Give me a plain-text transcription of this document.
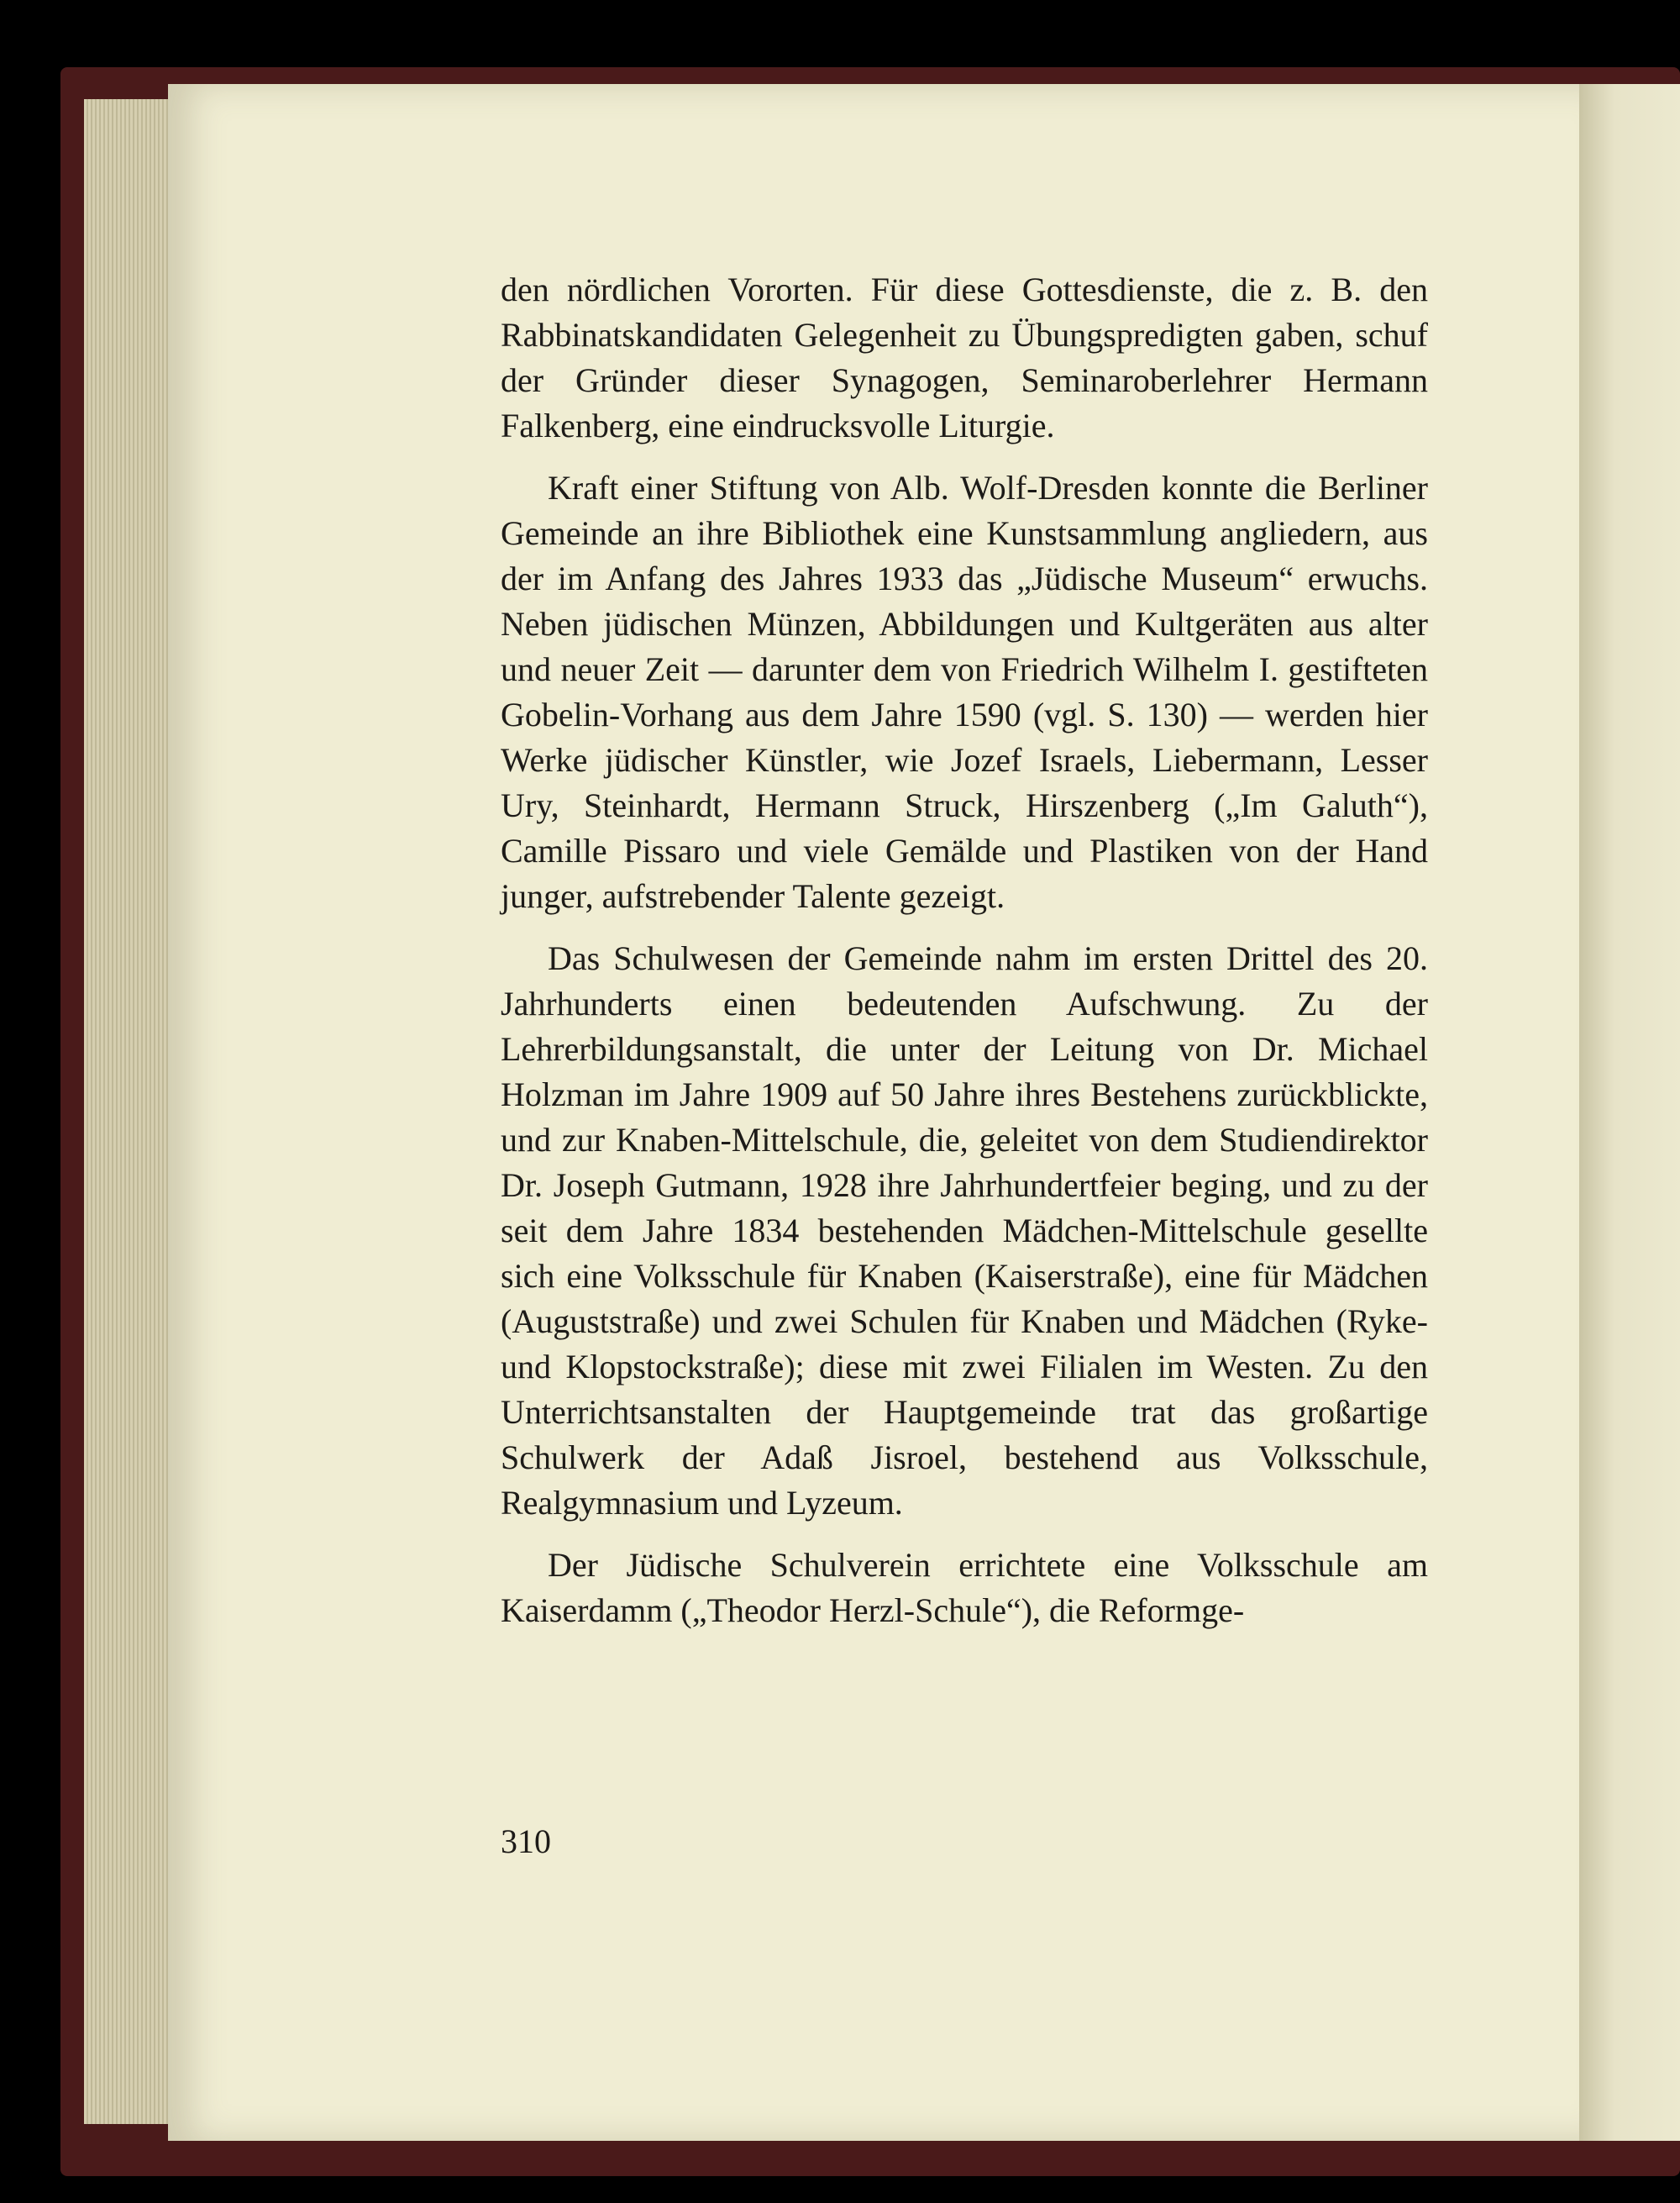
den nördlichen Vororten. Für diese Gottesdienste, die z. B. den Rabbinatskandidaten Gelegenheit zu Übungspredigten gaben, schuf der Gründer dieser Synagogen, Seminaroberlehrer Hermann Falkenberg, eine eindrucksvolle Liturgie.

Kraft einer Stiftung von Alb. Wolf-Dresden konnte die Berliner Gemeinde an ihre Bibliothek eine Kunstsammlung angliedern, aus der im Anfang des Jahres 1933 das „Jüdische Museum“ erwuchs. Neben jüdischen Münzen, Abbildungen und Kultgeräten aus alter und neuer Zeit — darunter dem von Friedrich Wilhelm I. gestifteten Gobelin-Vorhang aus dem Jahre 1590 (vgl. S. 130) — werden hier Werke jüdischer Künstler, wie Jozef Israels, Liebermann, Lesser Ury, Steinhardt, Hermann Struck, Hirszenberg („Im Galuth“), Camille Pissaro und viele Gemälde und Plastiken von der Hand junger, aufstrebender Talente gezeigt.

Das Schulwesen der Gemeinde nahm im ersten Drittel des 20. Jahrhunderts einen bedeutenden Aufschwung. Zu der Lehrerbildungsanstalt, die unter der Leitung von Dr. Michael Holzman im Jahre 1909 auf 50 Jahre ihres Bestehens zurückblickte, und zur Knaben-Mittelschule, die, geleitet von dem Studiendirektor Dr. Joseph Gutmann, 1928 ihre Jahrhundertfeier beging, und zu der seit dem Jahre 1834 bestehenden Mädchen-Mittelschule gesellte sich eine Volksschule für Knaben (Kaiserstraße), eine für Mädchen (Auguststraße) und zwei Schulen für Knaben und Mädchen (Ryke- und Klopstockstraße); diese mit zwei Filialen im Westen. Zu den Unterrichtsanstalten der Hauptgemeinde trat das großartige Schulwerk der Adaß Jisroel, bestehend aus Volksschule, Realgymnasium und Lyzeum.

Der Jüdische Schulverein errichtete eine Volksschule am Kaiserdamm („Theodor Herzl-Schule“), die Reformge-

310
